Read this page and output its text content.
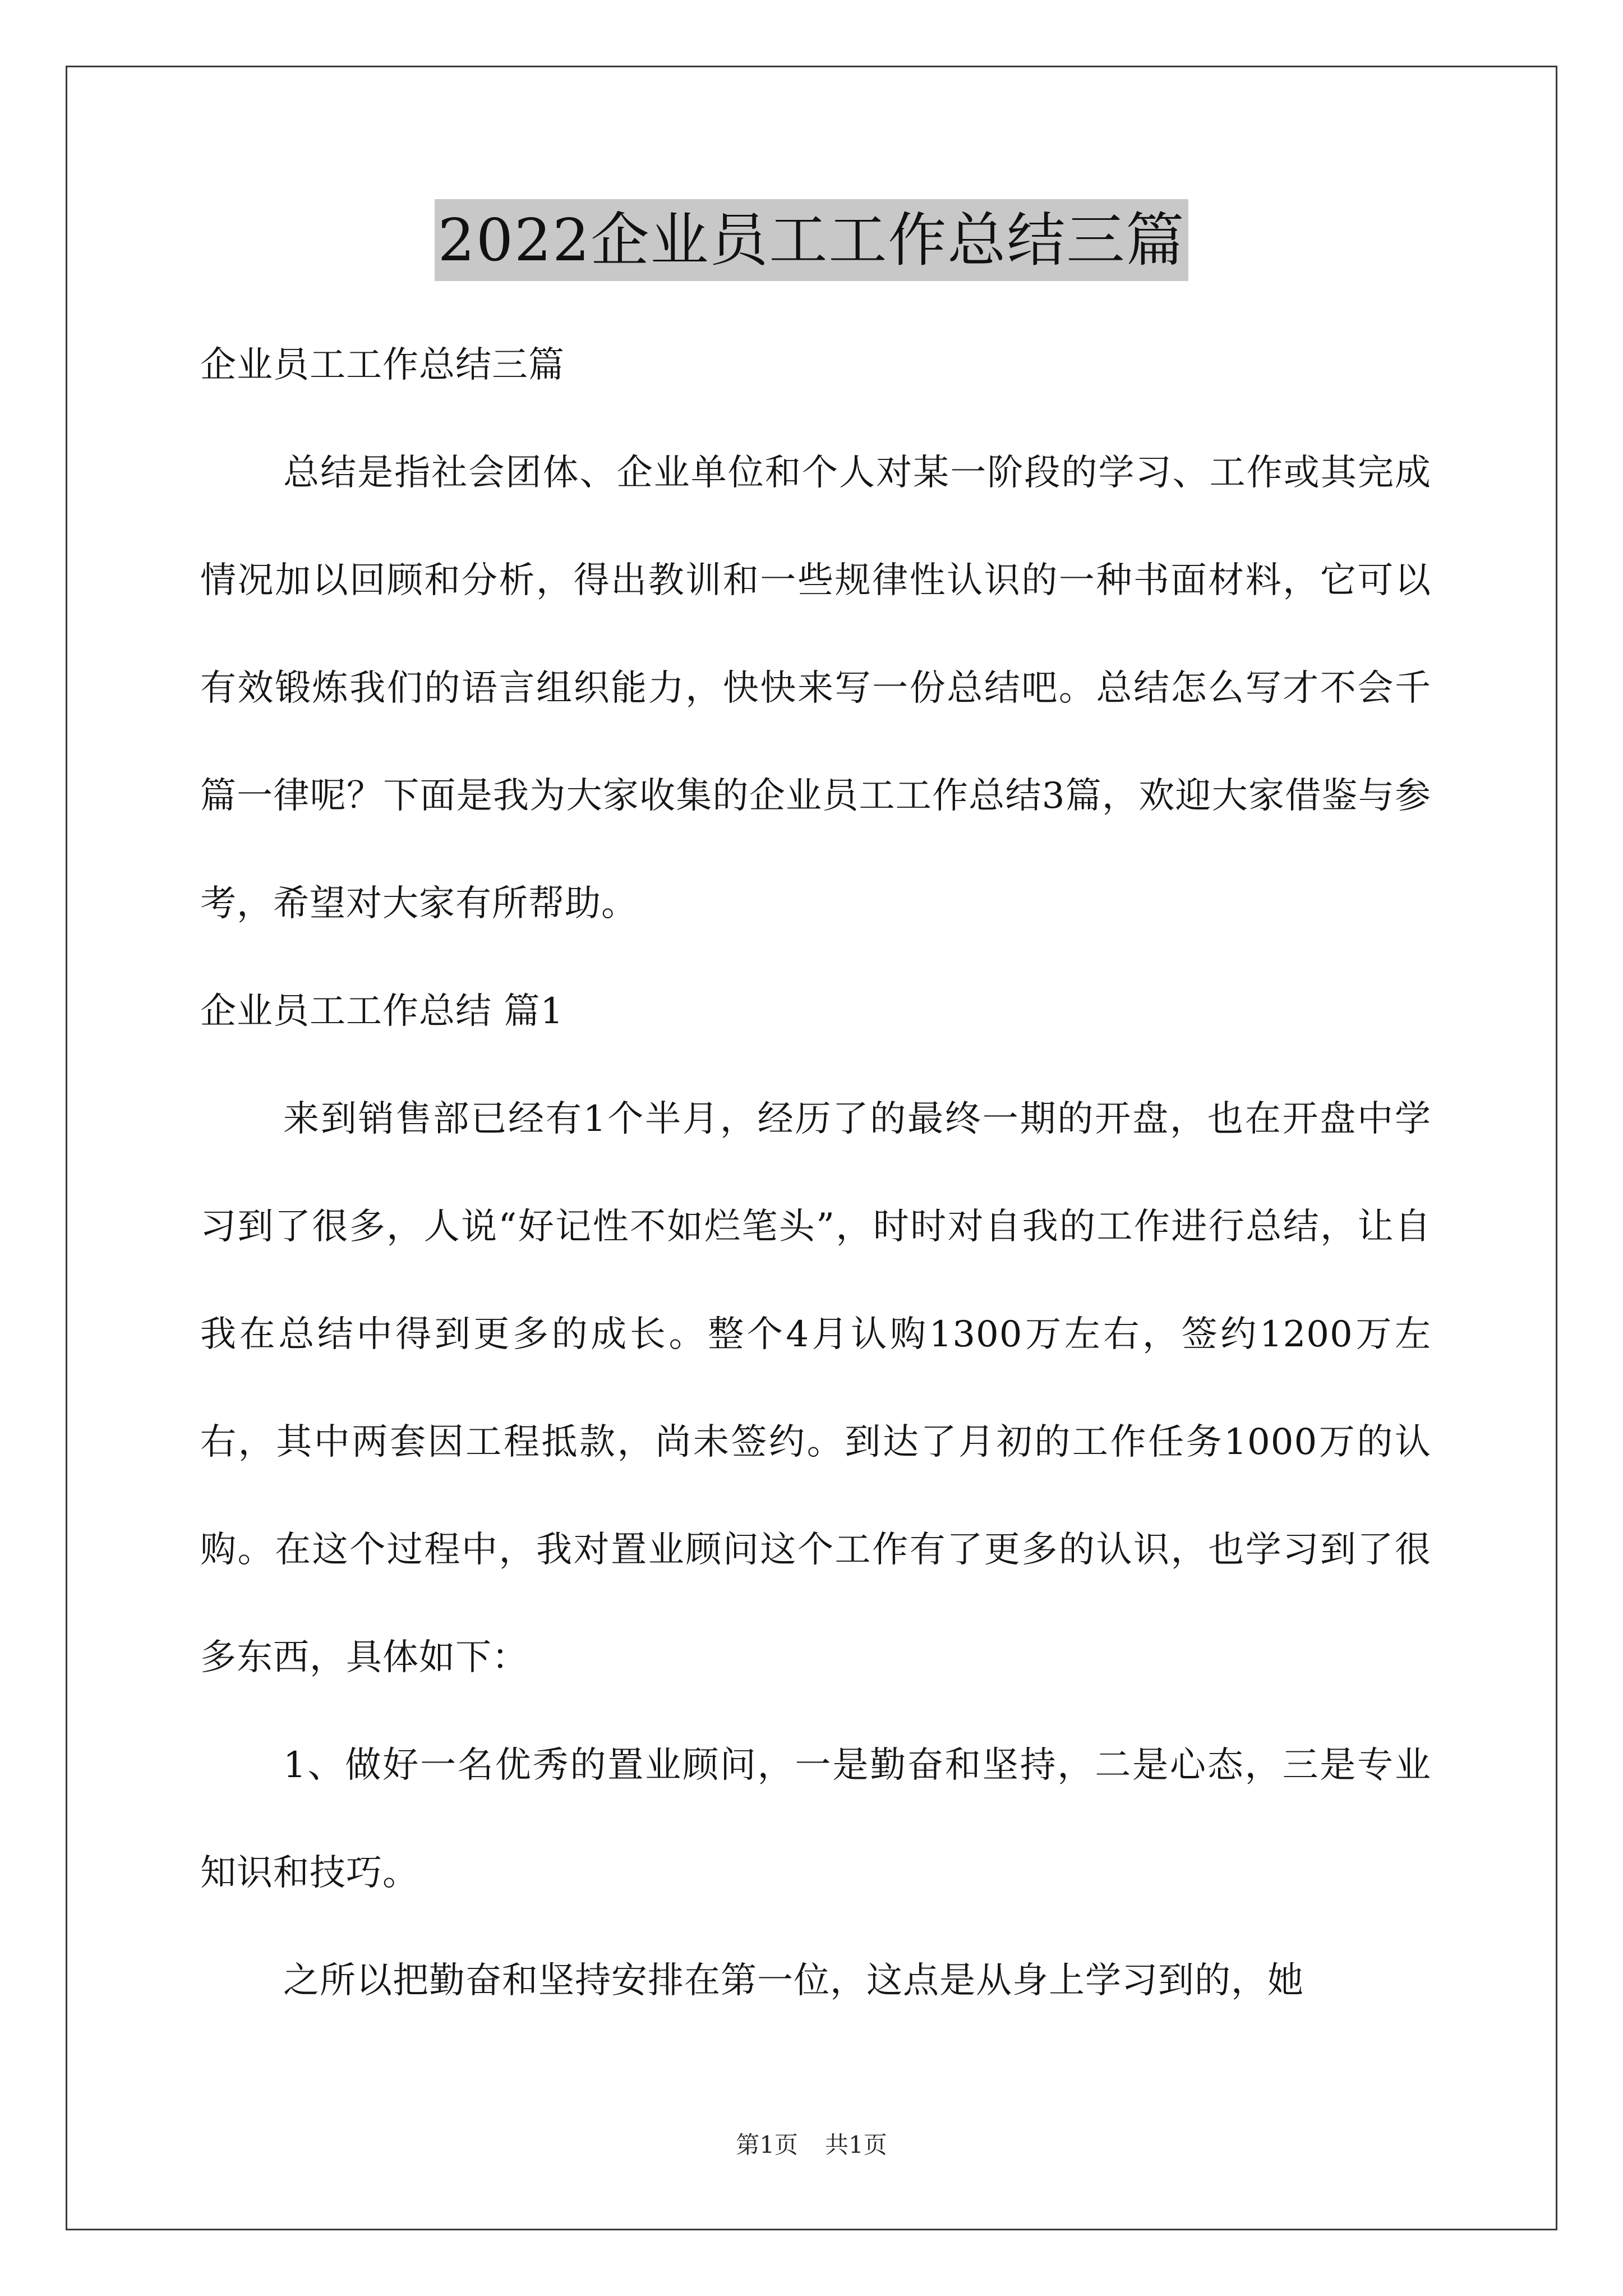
2022企业员工工作总结三篇

企业员工工作总结三篇

总结是指社会团体、企业单位和个人对某一阶段的学习、工作或其完成情况加以回顾和分析，得出教训和一些规律性认识的一种书面材料，它可以有效锻炼我们的语言组织能力，快快来写一份总结吧。总结怎么写才不会千篇一律呢？下面是我为大家收集的企业员工工作总结3篇，欢迎大家借鉴与参考，希望对大家有所帮助。

企业员工工作总结 篇1

来到销售部已经有1个半月，经历了的最终一期的开盘，也在开盘中学习到了很多，人说“好记性不如烂笔头”，时时对自我的工作进行总结，让自我在总结中得到更多的成长。整个4月认购1300万左右，签约1200万左右，其中两套因工程抵款，尚未签约。到达了月初的工作任务1000万的认购。在这个过程中，我对置业顾问这个工作有了更多的认识，也学习到了很多东西，具体如下：

1、做好一名优秀的置业顾问，一是勤奋和坚持，二是心态，三是专业知识和技巧。

之所以把勤奋和坚持安排在第一位，这点是从身上学习到的，她

第1页 共1页
